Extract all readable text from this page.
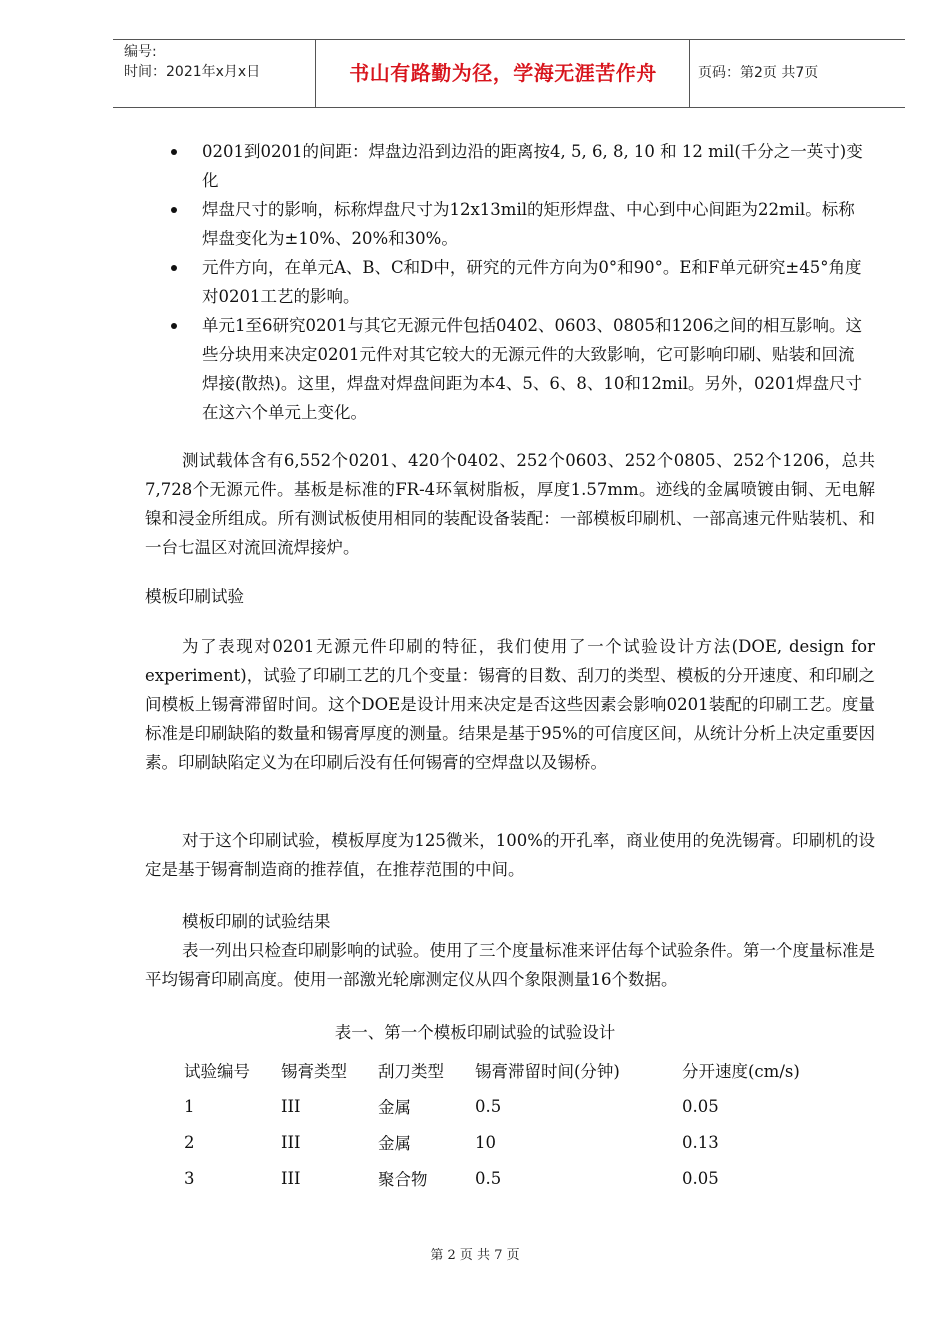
编号:
时间：2021年x月x日	书山有路勤为径，学海无涯苦作舟	页码：第2页 共7页
0201到0201的间距：焊盘边沿到边沿的距离按4, 5, 6, 8, 10 和 12 mil(千分之一英寸)变化
焊盘尺寸的影响，标称焊盘尺寸为12x13mil的矩形焊盘、中心到中心间距为22mil。标称焊盘变化为±10%、20%和30%。
元件方向，在单元A、B、C和D中，研究的元件方向为0°和90°。E和F单元研究±45°角度对0201工艺的影响。
单元1至6研究0201与其它无源元件包括0402、0603、0805和1206之间的相互影响。这些分块用来决定0201元件对其它较大的无源元件的大致影响，它可影响印刷、贴装和回流焊接(散热)。这里，焊盘对焊盘间距为本4、5、6、8、10和12mil。另外，0201焊盘尺寸在这六个单元上变化。

测试载体含有6,552个0201、420个0402、252个0603、252个0805、252个1206，总共7,728个无源元件。基板是标准的FR-4环氧树脂板，厚度1.57mm。迹线的金属喷镀由铜、无电解镍和浸金所组成。所有测试板使用相同的装配设备装配：一部模板印刷机、一部高速元件贴装机、和一台七温区对流回流焊接炉。

模板印刷试验

为了表现对0201无源元件印刷的特征，我们使用了一个试验设计方法(DOE, design for experiment)，试验了印刷工艺的几个变量：锡膏的目数、刮刀的类型、模板的分开速度、和印刷之间模板上锡膏滞留时间。这个DOE是设计用来决定是否这些因素会影响0201装配的印刷工艺。度量标准是印刷缺陷的数量和锡膏厚度的测量。结果是基于95%的可信度区间，从统计分析上决定重要因素。印刷缺陷定义为在印刷后没有任何锡膏的空焊盘以及锡桥。

对于这个印刷试验，模板厚度为125微米，100%的开孔率，商业使用的免洗锡膏。印刷机的设定是基于锡膏制造商的推荐值，在推荐范围的中间。

模板印刷的试验结果

表一列出只检查印刷影响的试验。使用了三个度量标准来评估每个试验条件。第一个度量标准是平均锡膏印刷高度。使用一部激光轮廓测定仪从四个象限测量16个数据。

表一、第一个模板印刷试验的试验设计
试验编号	锡膏类型	刮刀类型	锡膏滞留时间(分钟)	分开速度(cm/s)
1	III	金属	0.5	0.05
2	III	金属	10	0.13
3	III	聚合物	0.5	0.05
第 2 页 共 7 页
